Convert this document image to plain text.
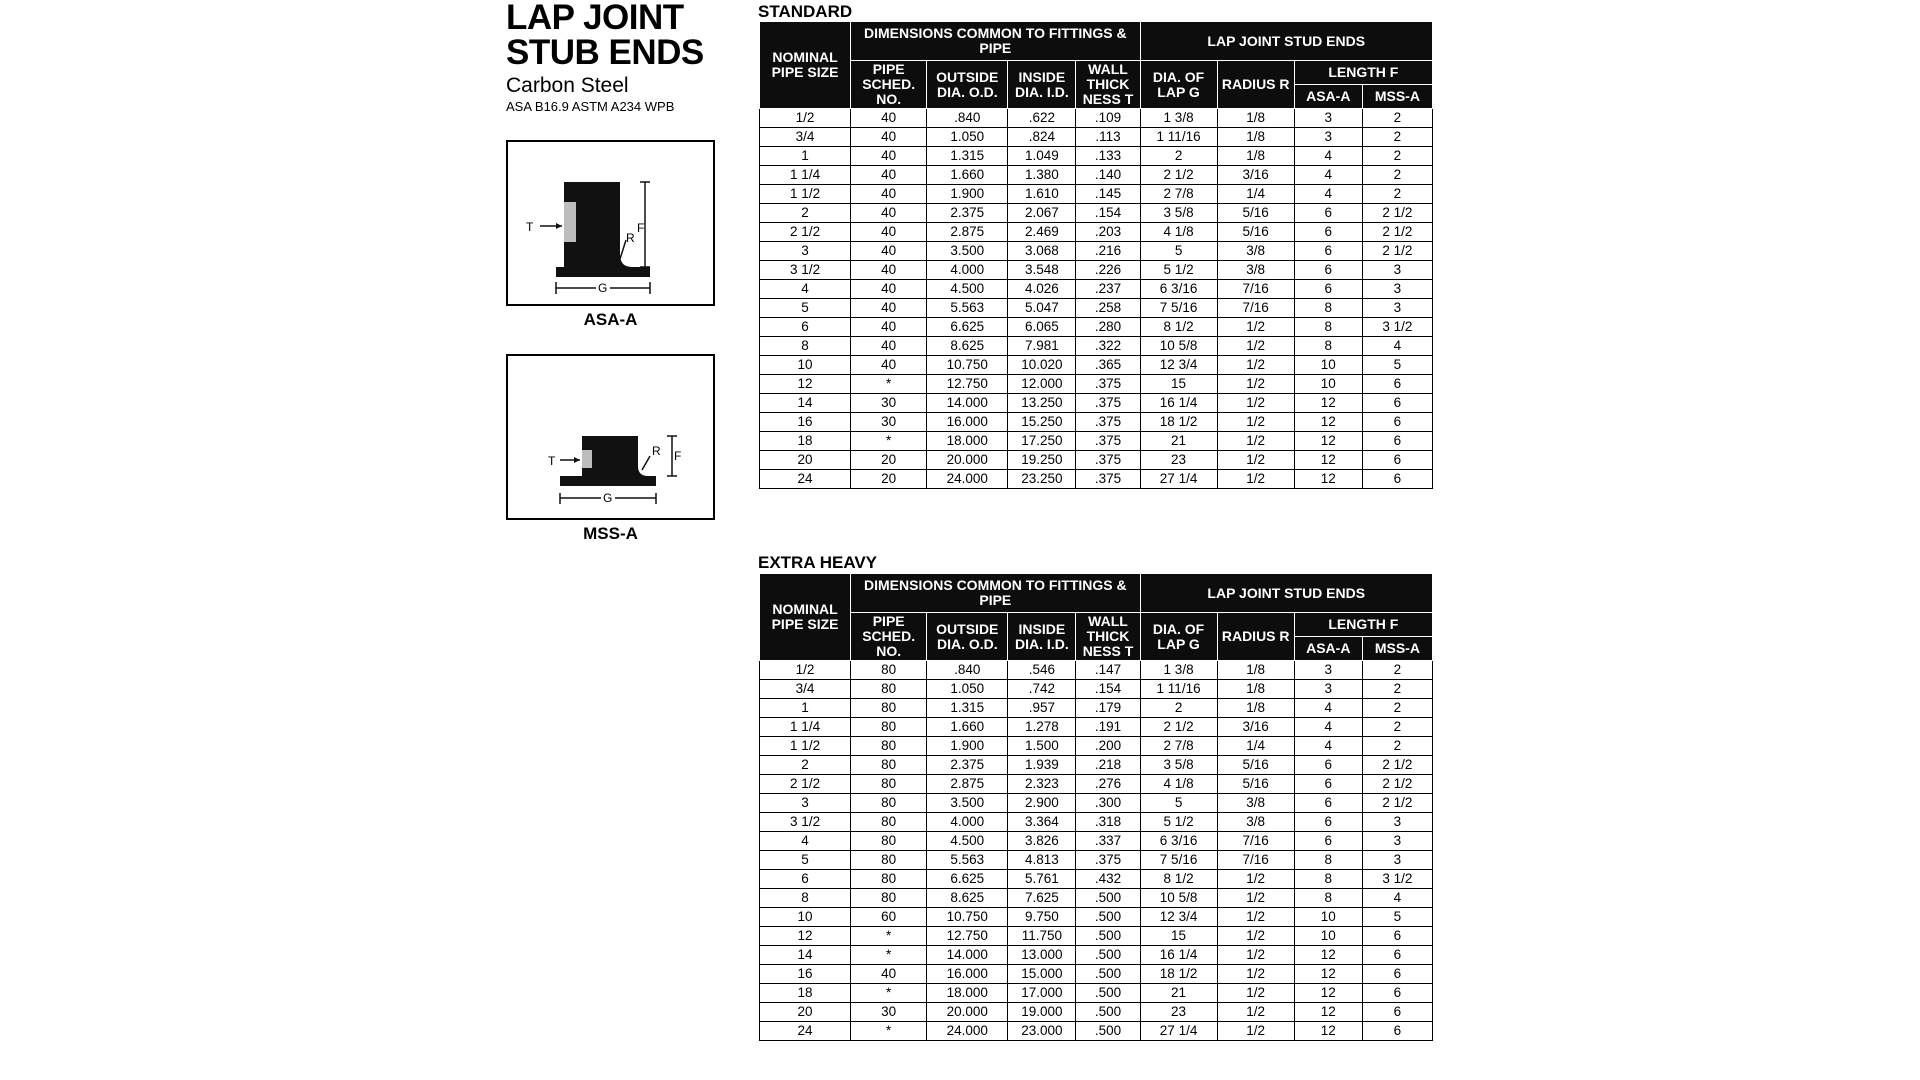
LAP JOINT
STUB ENDS
Carbon Steel
ASA B16.9 ASTM A234 WPB
T	F
R
G
ASA-A
T	F
R
G
MSS-A
STANDARD
NOMINAL PIPE SIZE	DIMENSIONS COMMON TO FITTINGS & PIPE				LAP JOINT STUD ENDS			
	PIPE SCHED. NO.	OUTSIDE DIA. O.D.	INSIDE DIA. I.D.	WALL THICK NESS T	DIA. OF LAP G	RADIUS R	LENGTH F	
							ASA-A	MSS-A
1/2	40	.840	.622	.109	1 3/8	1/8	3	2
3/4	40	1.050	.824	.113	1 11/16	1/8	3	2
1	40	1.315	1.049	.133	2	1/8	4	2
1 1/4	40	1.660	1.380	.140	2 1/2	3/16	4	2
1 1/2	40	1.900	1.610	.145	2 7/8	1/4	4	2
2	40	2.375	2.067	.154	3 5/8	5/16	6	2 1/2
2 1/2	40	2.875	2.469	.203	4 1/8	5/16	6	2 1/2
3	40	3.500	3.068	.216	5	3/8	6	2 1/2
3 1/2	40	4.000	3.548	.226	5 1/2	3/8	6	3
4	40	4.500	4.026	.237	6 3/16	7/16	6	3
5	40	5.563	5.047	.258	7 5/16	7/16	8	3
6	40	6.625	6.065	.280	8 1/2	1/2	8	3 1/2
8	40	8.625	7.981	.322	10 5/8	1/2	8	4
10	40	10.750	10.020	.365	12 3/4	1/2	10	5
12	*	12.750	12.000	.375	15	1/2	10	6
14	30	14.000	13.250	.375	16 1/4	1/2	12	6
16	30	16.000	15.250	.375	18 1/2	1/2	12	6
18	*	18.000	17.250	.375	21	1/2	12	6
20	20	20.000	19.250	.375	23	1/2	12	6
24	20	24.000	23.250	.375	27 1/4	1/2	12	6
EXTRA HEAVY
NOMINAL PIPE SIZE	DIMENSIONS COMMON TO FITTINGS & PIPE				LAP JOINT STUD ENDS			
	PIPE SCHED. NO.	OUTSIDE DIA. O.D.	INSIDE DIA. I.D.	WALL THICK NESS T	DIA. OF LAP G	RADIUS R	LENGTH F	
							ASA-A	MSS-A
1/2	80	.840	.546	.147	1 3/8	1/8	3	2
3/4	80	1.050	.742	.154	1 11/16	1/8	3	2
1	80	1.315	.957	.179	2	1/8	4	2
1 1/4	80	1.660	1.278	.191	2 1/2	3/16	4	2
1 1/2	80	1.900	1.500	.200	2 7/8	1/4	4	2
2	80	2.375	1.939	.218	3 5/8	5/16	6	2 1/2
2 1/2	80	2.875	2.323	.276	4 1/8	5/16	6	2 1/2
3	80	3.500	2.900	.300	5	3/8	6	2 1/2
3 1/2	80	4.000	3.364	.318	5 1/2	3/8	6	3
4	80	4.500	3.826	.337	6 3/16	7/16	6	3
5	80	5.563	4.813	.375	7 5/16	7/16	8	3
6	80	6.625	5.761	.432	8 1/2	1/2	8	3 1/2
8	80	8.625	7.625	.500	10 5/8	1/2	8	4
10	60	10.750	9.750	.500	12 3/4	1/2	10	5
12	*	12.750	11.750	.500	15	1/2	10	6
14	*	14.000	13.000	.500	16 1/4	1/2	12	6
16	40	16.000	15.000	.500	18 1/2	1/2	12	6
18	*	18.000	17.000	.500	21	1/2	12	6
20	30	20.000	19.000	.500	23	1/2	12	6
24	*	24.000	23.000	.500	27 1/4	1/2	12	6
